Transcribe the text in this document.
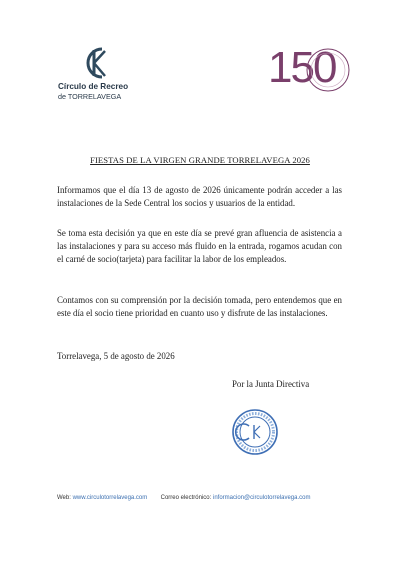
Círculo de Recreo
de TORRELAVEGA
150
FIESTAS DE LA VIRGEN GRANDE TORRELAVEGA 2026
Informamos que el día 13 de agosto de 2026 únicamente podrán acceder a las instalaciones de la Sede Central los socios y usuarios de la entidad.
Se toma esta decisión ya que en este día se prevé gran afluencia de asistencia a las instalaciones y para su acceso más fluido en la entrada, rogamos acudan con el carné de socio(tarjeta) para facilitar la labor de los empleados.
Contamos con su comprensión por la decisión tomada, pero entendemos que en este día el socio tiene prioridad en cuanto uso y disfrute de las instalaciones.
Torrelavega, 5 de agosto de 2026
Por la Junta Directiva
Web: www.circulotorrelavega.com Correo electrónico: informacion@circulotorrelavega.com
